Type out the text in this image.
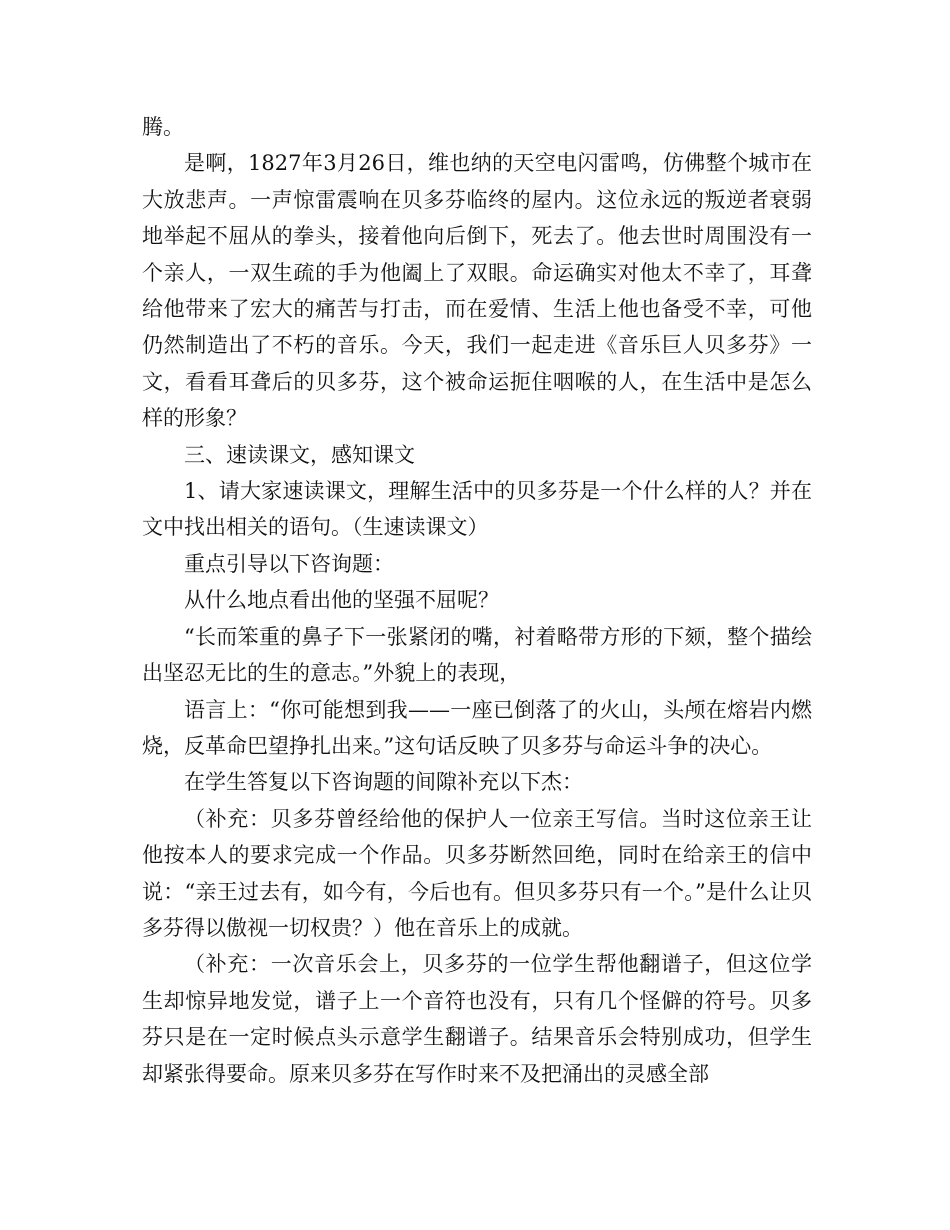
腾。

是啊，1827年3月26日，维也纳的天空电闪雷鸣，仿佛整个城市在大放悲声。一声惊雷震响在贝多芬临终的屋内。这位永远的叛逆者衰弱地举起不屈从的拳头，接着他向后倒下，死去了。他去世时周围没有一个亲人，一双生疏的手为他阖上了双眼。命运确实对他太不幸了，耳聋给他带来了宏大的痛苦与打击，而在爱情、生活上他也备受不幸，可他仍然制造出了不朽的音乐。今天，我们一起走进《音乐巨人贝多芬》一文，看看耳聋后的贝多芬，这个被命运扼住咽喉的人，在生活中是怎么样的形象？

三、速读课文，感知课文

1、请大家速读课文，理解生活中的贝多芬是一个什么样的人？并在文中找出相关的语句。（生速读课文）

重点引导以下咨询题：

从什么地点看出他的坚强不屈呢？

“长而笨重的鼻子下一张紧闭的嘴，衬着略带方形的下颏，整个描绘出坚忍无比的生的意志。”外貌上的表现，

语言上：“你可能想到我——一座已倒落了的火山，头颅在熔岩内燃烧，反革命巴望挣扎出来。”这句话反映了贝多芬与命运斗争的决心。

在学生答复以下咨询题的间隙补充以下杰：

（补充：贝多芬曾经给他的保护人一位亲王写信。当时这位亲王让他按本人的要求完成一个作品。贝多芬断然回绝，同时在给亲王的信中说：“亲王过去有，如今有，今后也有。但贝多芬只有一个。”是什么让贝多芬得以傲视一切权贵？）他在音乐上的成就。

（补充：一次音乐会上，贝多芬的一位学生帮他翻谱子，但这位学生却惊异地发觉，谱子上一个音符也没有，只有几个怪僻的符号。贝多芬只是在一定时候点头示意学生翻谱子。结果音乐会特别成功，但学生却紧张得要命。原来贝多芬在写作时来不及把涌出的灵感全部
